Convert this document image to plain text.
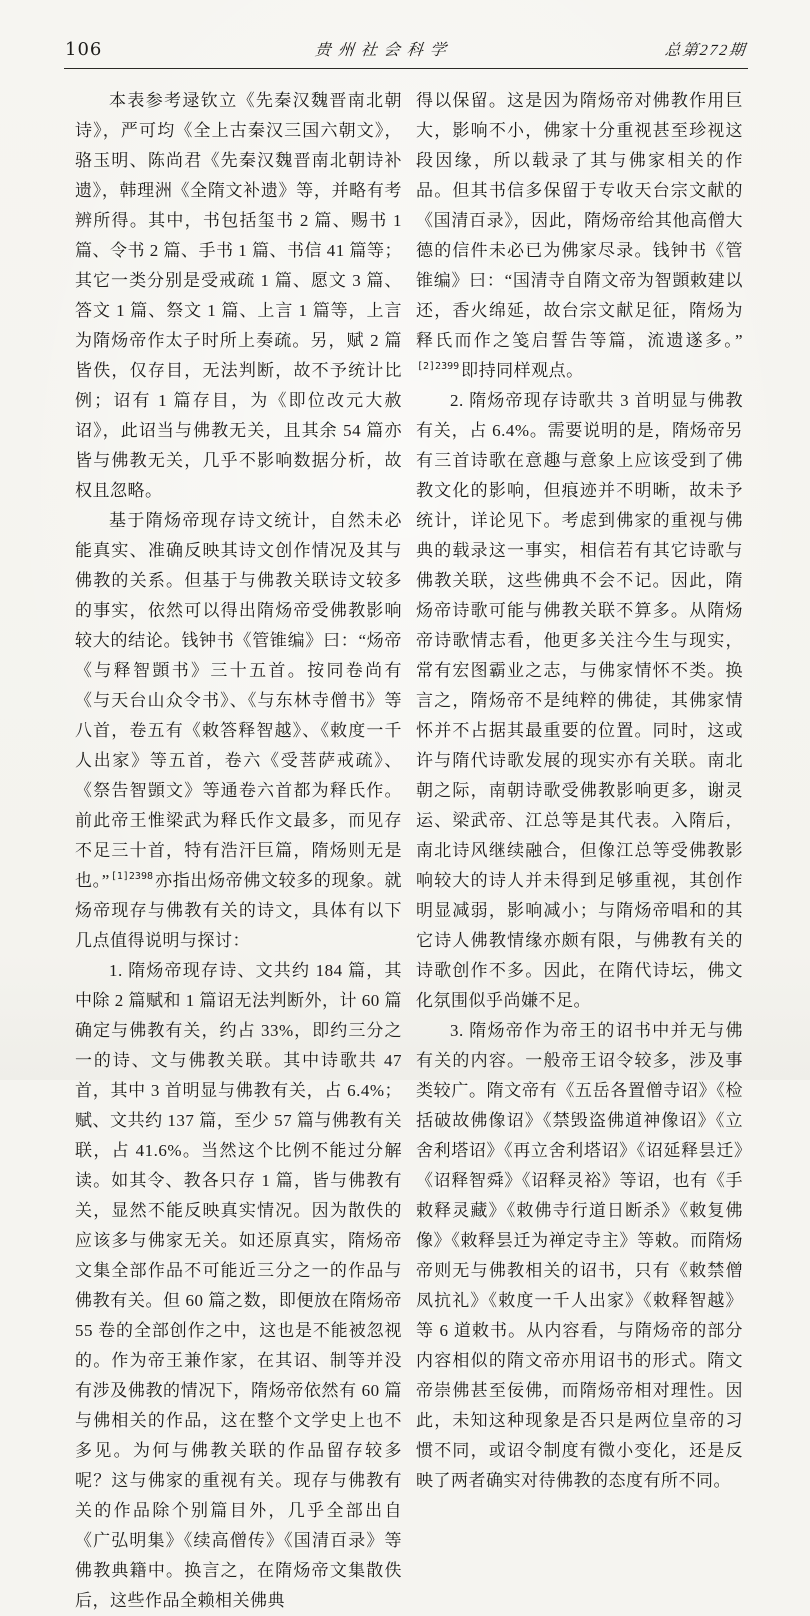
106	贵州社会科学	总第272期

本表参考逯钦立《先秦汉魏晋南北朝诗》，严可均《全上古秦汉三国六朝文》，骆玉明、陈尚君《先秦汉魏晋南北朝诗补遗》，韩理洲《全隋文补遗》等，并略有考辨所得。其中，书包括玺书 2 篇、赐书 1 篇、令书 2 篇、手书 1 篇、书信 41 篇等；其它一类分别是受戒疏 1 篇、愿文 3 篇、答文 1 篇、祭文 1 篇、上言 1 篇等，上言为隋炀帝作太子时所上奏疏。另，赋 2 篇皆佚，仅存目，无法判断，故不予统计比例；诏有 1 篇存目，为《即位改元大赦诏》，此诏当与佛教无关，且其余 54 篇亦皆与佛教无关，几乎不影响数据分析，故权且忽略。

基于隋炀帝现存诗文统计，自然未必能真实、准确反映其诗文创作情况及其与佛教的关系。但基于与佛教关联诗文较多的事实，依然可以得出隋炀帝受佛教影响较大的结论。钱钟书《管锥编》曰：“炀帝《与释智顗书》三十五首。按同卷尚有《与天台山众令书》、《与东林寺僧书》等八首，卷五有《敕答释智越》、《敕度一千人出家》等五首，卷六《受菩萨戒疏》、《祭告智顗文》等通卷六首都为释氏作。前此帝王惟梁武为释氏作文最多，而见存不足三十首，特有浩汗巨篇，隋炀则无是也。”$^{[1]2398}$ 亦指出炀帝佛文较多的现象。就炀帝现存与佛教有关的诗文，具体有以下几点值得说明与探讨：

1. 隋炀帝现存诗、文共约 184 篇，其中除 2 篇赋和 1 篇诏无法判断外，计 60 篇确定与佛教有关，约占 33%，即约三分之一的诗、文与佛教关联。其中诗歌共 47 首，其中 3 首明显与佛教有关，占 6.4%；赋、文共约 137 篇，至少 57 篇与佛教有关联，占 41.6%。当然这个比例不能过分解读。如其令、教各只存 1 篇，皆与佛教有关，显然不能反映真实情况。因为散佚的应该多与佛家无关。如还原真实，隋炀帝文集全部作品不可能近三分之一的作品与佛教有关。但 60 篇之数，即便放在隋炀帝 55 卷的全部创作之中，这也是不能被忽视的。作为帝王兼作家，在其诏、制等并没有涉及佛教的情况下，隋炀帝依然有 60 篇与佛相关的作品，这在整个文学史上也不多见。为何与佛教关联的作品留存较多呢？这与佛家的重视有关。现存与佛教有关的作品除个别篇目外，几乎全部出自《广弘明集》《续高僧传》《国清百录》等佛教典籍中。换言之，在隋炀帝文集散佚后，这些作品全赖相关佛典

得以保留。这是因为隋炀帝对佛教作用巨大，影响不小，佛家十分重视甚至珍视这段因缘，所以载录了其与佛家相关的作品。但其书信多保留于专收天台宗文献的《国清百录》，因此，隋炀帝给其他高僧大德的信件未必已为佛家尽录。钱钟书《管锥编》曰：“国清寺自隋文帝为智顗敕建以还，香火绵延，故台宗文献足征，隋炀为释氏而作之笺启誓告等篇，流遗遂多。”$^{[2]2399}$ 即持同样观点。

2. 隋炀帝现存诗歌共 3 首明显与佛教有关，占 6.4%。需要说明的是，隋炀帝另有三首诗歌在意趣与意象上应该受到了佛教文化的影响，但痕迹并不明晰，故未予统计，详论见下。考虑到佛家的重视与佛典的载录这一事实，相信若有其它诗歌与佛教关联，这些佛典不会不记。因此，隋炀帝诗歌可能与佛教关联不算多。从隋炀帝诗歌情志看，他更多关注今生与现实，常有宏图霸业之志，与佛家情怀不类。换言之，隋炀帝不是纯粹的佛徒，其佛家情怀并不占据其最重要的位置。同时，这或许与隋代诗歌发展的现实亦有关联。南北朝之际，南朝诗歌受佛教影响更多，谢灵运、梁武帝、江总等是其代表。入隋后，南北诗风继续融合，但像江总等受佛教影响较大的诗人并未得到足够重视，其创作明显减弱，影响减小；与隋炀帝唱和的其它诗人佛教情缘亦颇有限，与佛教有关的诗歌创作不多。因此，在隋代诗坛，佛文化氛围似乎尚嫌不足。

3. 隋炀帝作为帝王的诏书中并无与佛有关的内容。一般帝王诏令较多，涉及事类较广。隋文帝有《五岳各置僧寺诏》《检括破故佛像诏》《禁毁盗佛道神像诏》《立舍利塔诏》《再立舍利塔诏》《诏延释昙迁》《诏释智舜》《诏释灵裕》等诏，也有《手敕释灵藏》《敕佛寺行道日断杀》《敕复佛像》《敕释昙迁为禅定寺主》等敕。而隋炀帝则无与佛教相关的诏书，只有《敕禁僧凤抗礼》《敕度一千人出家》《敕释智越》等 6 道敕书。从内容看，与隋炀帝的部分内容相似的隋文帝亦用诏书的形式。隋文帝崇佛甚至佞佛，而隋炀帝相对理性。因此，未知这种现象是否只是两位皇帝的习惯不同，或诏令制度有微小变化，还是反映了两者确实对待佛教的态度有所不同。
